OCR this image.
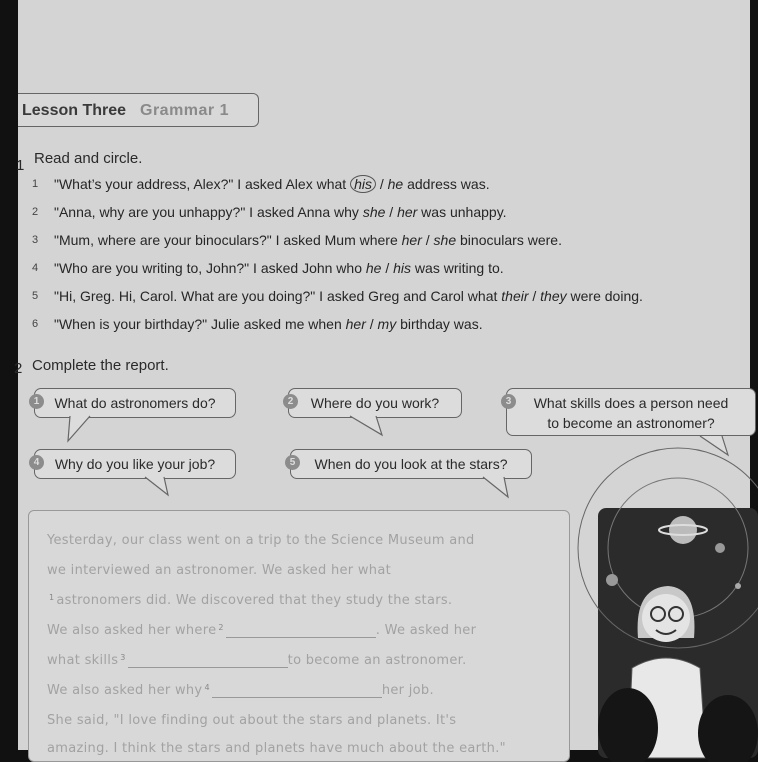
Lesson Three Grammar 1
1 Read and circle.
1 "What’s your address, Alex?" I asked Alex what his / he address was.
2 "Anna, why are you unhappy?" I asked Anna why she / her was unhappy.
3 "Mum, where are your binoculars?" I asked Mum where her / she binoculars were.
4 "Who are you writing to, John?" I asked John who he / his was writing to.
5 "Hi, Greg. Hi, Carol. What are you doing?" I asked Greg and Carol what their / they were doing.
6 "When is your birthday?" Julie asked me when her / my birthday was.
2 Complete the report.
1	What do astronomers do?	2	Where do you work?	3	What skills does a person need
to become an astronomer?
4	Why do you like your job?	5	When do you look at the stars?
Yesterday, our class went on a trip to the Science Museum and
we interviewed an astronomer. We asked her what
$^1$ astronomers did. We discovered that they study the stars.
We also asked her where $^2$	. We asked her
what skills $^3$	to become an astronomer.
We also asked her why $^4$	her job.
She said, "I love finding out about the stars and planets. It's
amazing. I think the stars and planets have much about the earth."
